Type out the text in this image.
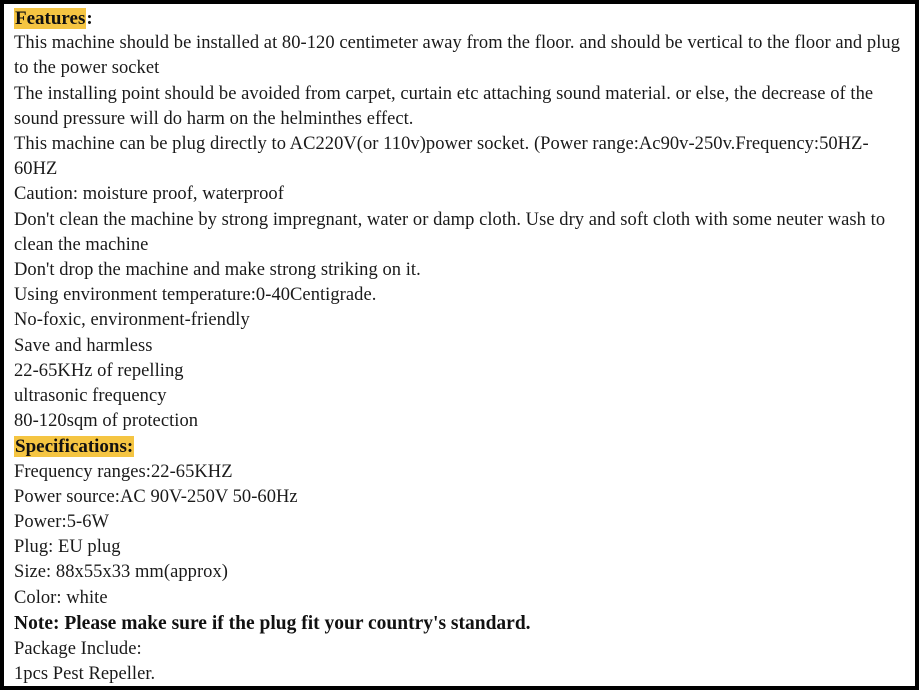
Features:
This machine should be installed at 80-120 centimeter away from the floor. and should be vertical to the floor and plug to the power socket
The installing point should be avoided from carpet, curtain etc attaching sound material. or else, the decrease of the sound pressure will do harm on the helminthes effect.
This machine can be plug directly to AC220V(or 110v)power socket. (Power range:Ac90v-250v.Frequency:50HZ-60HZ
Caution: moisture proof, waterproof
Don't clean the machine by strong impregnant, water or damp cloth. Use dry and soft cloth with some neuter wash to clean the machine
Don't drop the machine and make strong striking on it.
Using environment temperature:0-40Centigrade.
No-foxic, environment-friendly
Save and harmless
22-65KHz of repelling
ultrasonic frequency
80-120sqm of protection
Specifications:
Frequency ranges:22-65KHZ
Power source:AC 90V-250V 50-60Hz
Power:5-6W
Plug: EU plug
Size: 88x55x33 mm(approx)
Color: white
Note: Please make sure if the plug fit your country's standard.
Package Include:
1pcs Pest Repeller.
